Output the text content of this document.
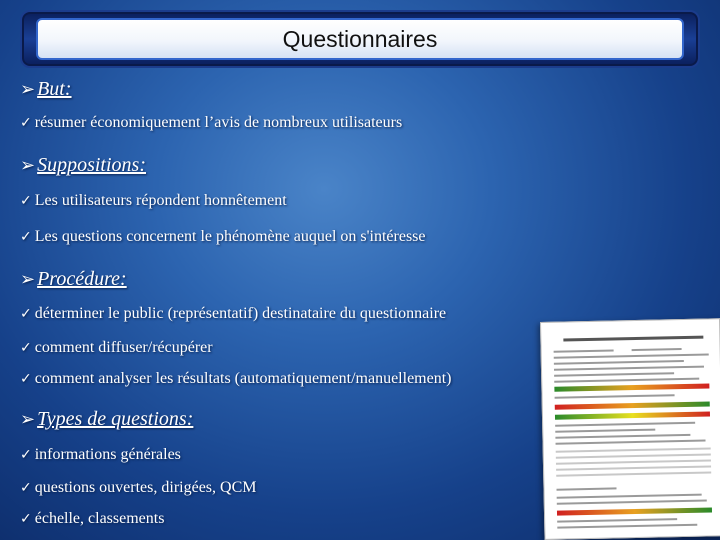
Questionnaires
➢ But:
✓ résumer économiquement l’avis de nombreux utilisateurs
➢ Suppositions:
✓ Les utilisateurs répondent honnêtement
✓ Les questions concernent le phénomène auquel on s'intéresse
➢ Procédure:
✓ déterminer le public (représentatif) destinataire du questionnaire
✓ comment diffuser/récupérer
✓ comment analyser les résultats (automatiquement/manuellement)
➢ Types de questions:
✓ informations générales
✓ questions ouvertes, dirigées, QCM
✓ échelle, classements
